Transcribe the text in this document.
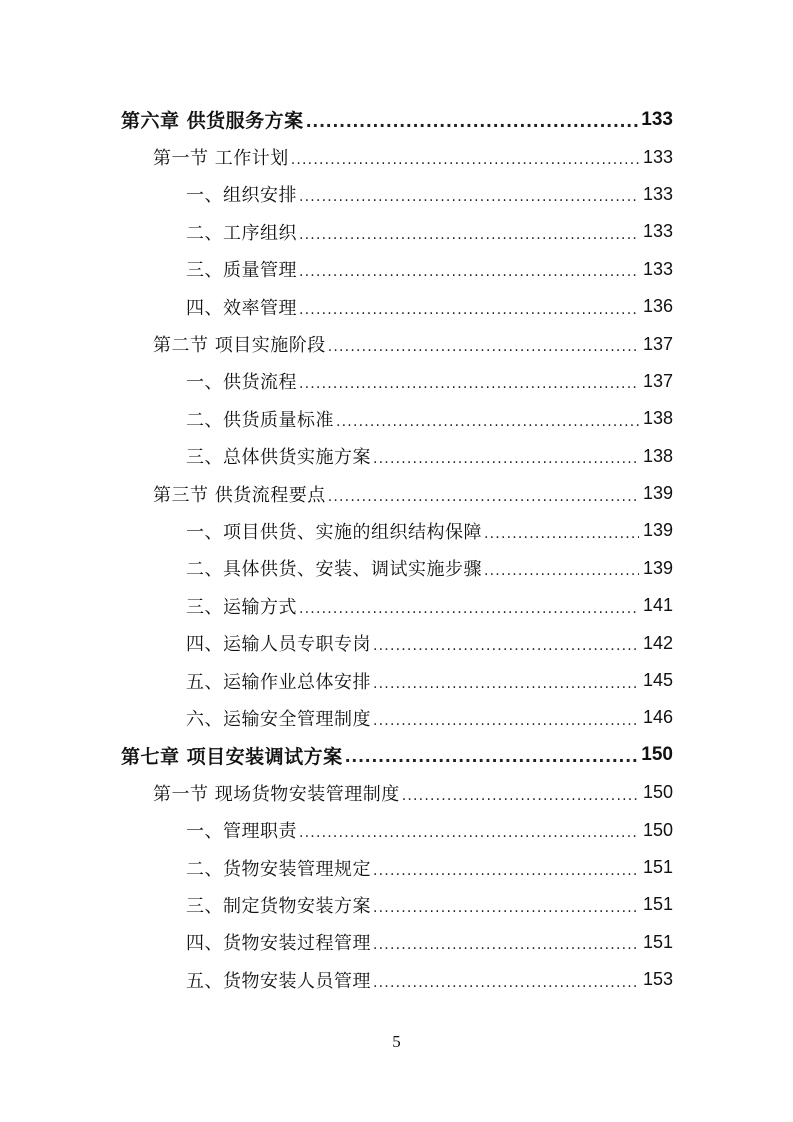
第六章 供货服务方案 .....	133
第一节 工作计划 .....	133
一、组织安排 .....	133
二、工序组织 .....	133
三、质量管理 .....	133
四、效率管理 .....	136
第二节 项目实施阶段 .....	137
一、供货流程 .....	137
二、供货质量标准 .....	138
三、总体供货实施方案 .....	138
第三节 供货流程要点 .....	139
一、项目供货、实施的组织结构保障 .....	139
二、具体供货、安装、调试实施步骤 .....	139
三、运输方式 .....	141
四、运输人员专职专岗 .....	142
五、运输作业总体安排 .....	145
六、运输安全管理制度 .....	146
第七章 项目安装调试方案 .....	150
第一节 现场货物安装管理制度 .....	150
一、管理职责 .....	150
二、货物安装管理规定 .....	151
三、制定货物安装方案 .....	151
四、货物安装过程管理 .....	151
五、货物安装人员管理 .....	153
5
